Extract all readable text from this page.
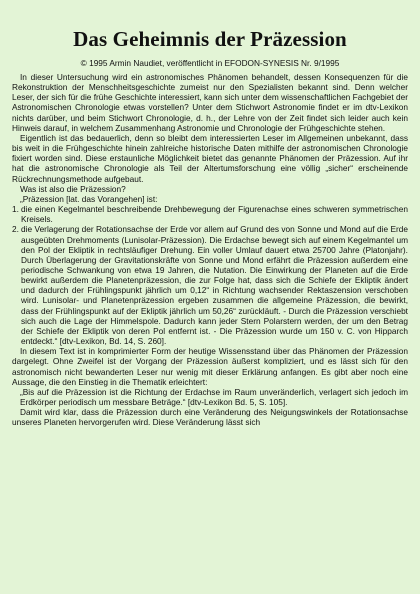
Das Geheimnis der Präzession
© 1995 Armin Naudiet, veröffentlicht in EFODON-SYNESIS Nr. 9/1995

In dieser Untersuchung wird ein astronomisches Phänomen behandelt, dessen Konsequenzen für die Rekonstruktion der Menschheitsgeschichte zumeist nur den Spezialisten bekannt sind. Denn welcher Leser, der sich für die frühe Geschichte interessiert, kann sich unter dem wissenschaftlichen Fachgebiet der Astronomischen Chronologie etwas vorstellen? Unter dem Stichwort Astronomie findet er im dtv-Lexikon nichts darüber, und beim Stichwort Chronologie, d. h., der Lehre von der Zeit findet sich leider auch kein Hinweis darauf, in welchem Zusammenhang Astronomie und Chronologie der Frühgeschichte stehen.

Eigentlich ist das bedauerlich, denn so bleibt dem interessierten Leser im Allgemeinen unbekannt, dass bis weit in die Frühgeschichte hinein zahlreiche historische Daten mithilfe der astronomischen Chronologie fixiert worden sind. Diese erstaunliche Möglichkeit bietet das genannte Phänomen der Präzession. Auf ihr hat die astronomische Chronologie als Teil der Altertumsforschung eine völlig „sicher“ erscheinende Rückrechnungsmethode aufgebaut.

Was ist also die Präzession?

„Präzession [lat. das Vorangehen] ist:

1. die einen Kegelmantel beschreibende Drehbewegung der Figurenachse eines schweren symmetrischen Kreisels.
2. die Verlagerung der Rotationsachse der Erde vor allem auf Grund des von Sonne und Mond auf die Erde ausgeübten Drehmoments (Lunisolar-Präzession). Die Erdachse bewegt sich auf einem Kegelmantel um den Pol der Ekliptik in rechtsläufiger Drehung. Ein voller Umlauf dauert etwa 25700 Jahre (Platonjahr). Durch Überlagerung der Gravitationskräfte von Sonne und Mond erfährt die Präzession außerdem eine periodische Schwankung von etwa 19 Jahren, die Nutation. Die Einwirkung der Planeten auf die Erde bewirkt außerdem die Planetenpräzession, die zur Folge hat, dass sich die Schiefe der Ekliptik ändert und dadurch der Frühlingspunkt jährlich um 0,12“ in Richtung wachsender Rektaszension verschoben wird. Lunisolar- und Planetenpräzession ergeben zusammen die allgemeine Präzession, die bewirkt, dass der Frühlingspunkt auf der Ekliptik jährlich um 50,26“ zurückläuft. - Durch die Präzession verschiebt sich auch die Lage der Himmelspole. Dadurch kann jeder Stern Polarstern werden, der um den Betrag der Schiefe der Ekliptik von deren Pol entfernt ist. - Die Präzession wurde um 150 v. C. von Hipparch entdeckt.“ [dtv-Lexikon, Bd. 14, S. 260].

In diesem Text ist in komprimierter Form der heutige Wissensstand über das Phänomen der Präzession dargelegt. Ohne Zweifel ist der Vorgang der Präzession äußerst kompliziert, und es lässt sich für den astronomisch nicht bewanderten Leser nur wenig mit dieser Erklärung anfangen. Es gibt aber noch eine Aussage, die den Einstieg in die Thematik erleichtert:

„Bis auf die Präzession ist die Richtung der Erdachse im Raum unveränderlich, verlagert sich jedoch im Erdkörper periodisch um messbare Beträge.“ [dtv-Lexikon Bd. 5, S. 105].

Damit wird klar, dass die Präzession durch eine Veränderung des Neigungswinkels der Rotationsachse unseres Planeten hervorgerufen wird. Diese Veränderung lässt sich
